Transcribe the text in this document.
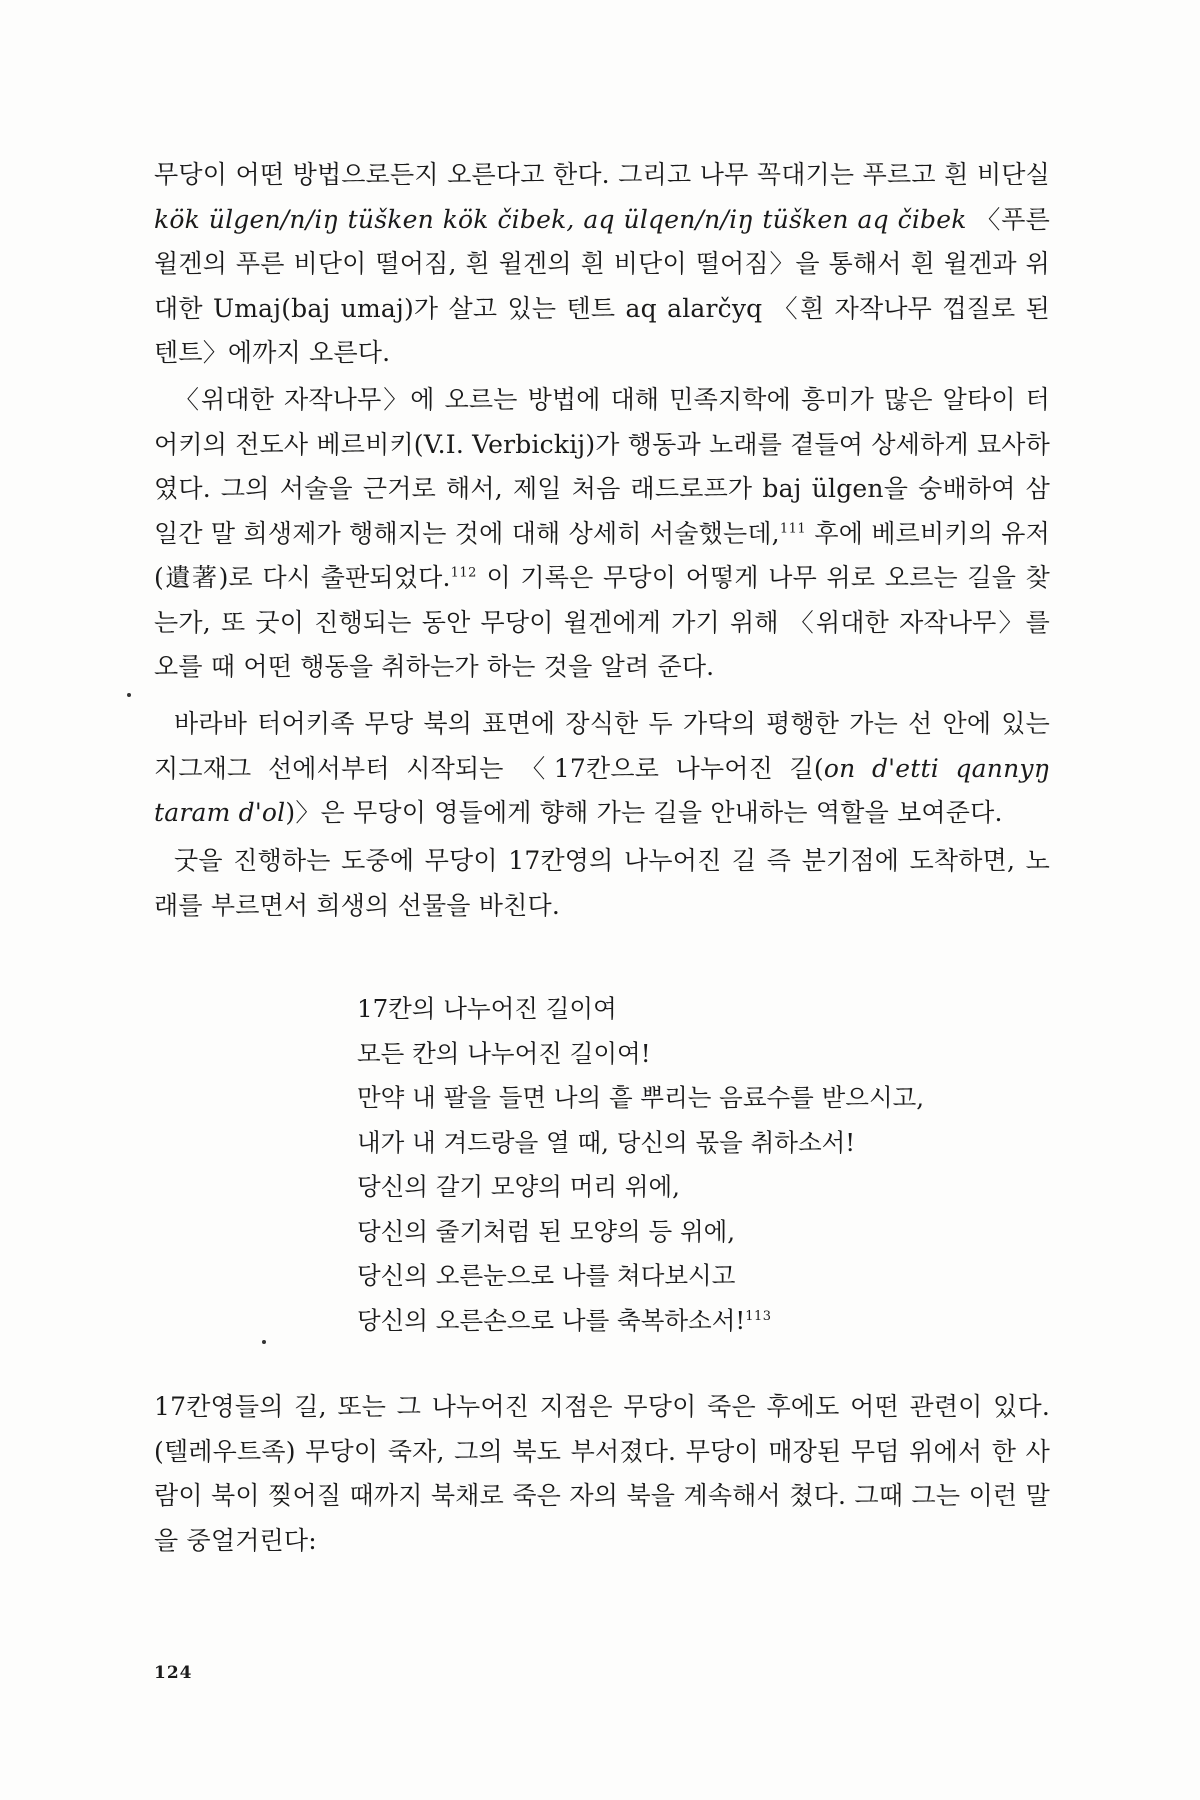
무당이 어떤 방법으로든지 오른다고 한다. 그리고 나무 꼭대기는 푸르고 흰 비단실 kök ülgen/n/iŋ tüšken kök čibek, aq ülqen/n/iŋ tüšken aq čibek 〈푸른 윌겐의 푸른 비단이 떨어짐, 흰 윌겐의 흰 비단이 떨어짐〉을 통해서 흰 윌겐과 위대한 Umaj(baj umaj)가 살고 있는 텐트 aq alarčyq 〈흰 자작나무 껍질로 된 텐트〉에까지 오른다.

〈위대한 자작나무〉에 오르는 방법에 대해 민족지학에 흥미가 많은 알타이 터어키의 전도사 베르비키(V.I. Verbickij)가 행동과 노래를 곁들여 상세하게 묘사하였다. 그의 서술을 근거로 해서, 제일 처음 래드로프가 baj ülgen을 숭배하여 삼 일간 말 희생제가 행해지는 것에 대해 상세히 서술했는데,$^{111}$ 후에 베르비키의 유저(遺著)로 다시 출판되었다.$^{112}$ 이 기록은 무당이 어떻게 나무 위로 오르는 길을 찾는가, 또 굿이 진행되는 동안 무당이 윌겐에게 가기 위해 〈위대한 자작나무〉를 오를 때 어떤 행동을 취하는가 하는 것을 알려 준다.

바라바 터어키족 무당 북의 표면에 장식한 두 가닥의 평행한 가는 선 안에 있는 지그재그 선에서부터 시작되는 〈17칸으로 나누어진 길(on d'etti qannyŋ taram d'ol)〉은 무당이 영들에게 향해 가는 길을 안내하는 역할을 보여준다.

굿을 진행하는 도중에 무당이 17칸영의 나누어진 길 즉 분기점에 도착하면, 노래를 부르면서 희생의 선물을 바친다.

17칸의 나누어진 길이여
모든 칸의 나누어진 길이여!
만약 내 팔을 들면 나의 흩 뿌리는 음료수를 받으시고,
내가 내 겨드랑을 열 때, 당신의 몫을 취하소서!
당신의 갈기 모양의 머리 위에,
당신의 줄기처럼 된 모양의 등 위에,
당신의 오른눈으로 나를 쳐다보시고
당신의 오른손으로 나를 축복하소서!$^{113}$

17칸영들의 길, 또는 그 나누어진 지점은 무당이 죽은 후에도 어떤 관련이 있다. (텔레우트족) 무당이 죽자, 그의 북도 부서졌다. 무당이 매장된 무덤 위에서 한 사람이 북이 찢어질 때까지 북채로 죽은 자의 북을 계속해서 쳤다. 그때 그는 이런 말을 중얼거린다:

124
